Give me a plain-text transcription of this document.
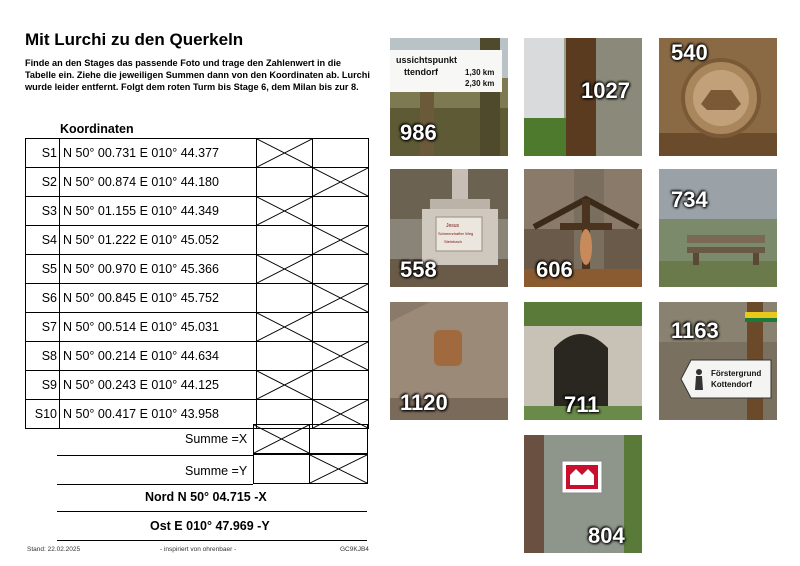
Mit Lurchi zu den Querkeln
Finde an den Stages das passende Foto und trage den Zahlenwert in die Tabelle ein. Ziehe die jeweiligen Summen dann von den Koordinaten ab. Lurchi wurde leider entfernt. Folgt dem roten Turm bis Stage 6, dem Milan bis zur 8.
Koordinaten
S1	N 50° 00.731 E 010° 44.377	

S2	N 50° 00.874 E 010° 44.180		

S3	N 50° 01.155 E 010° 44.349	

S4	N 50° 01.222 E 010° 45.052		

S5	N 50° 00.970 E 010° 45.366	

S6	N 50° 00.845 E 010° 45.752		

S7	N 50° 00.514 E 010° 45.031	

S8	N 50° 00.214 E 010° 44.634		

S9	N 50° 00.243 E 010° 44.125	

S10	N 50° 00.417 E 010° 43.958		
Summe =X
Summe =Y
Nord N 50° 04.715 -X
Ost E 010° 47.969 -Y
Stand: 22.02.2025	- inspiriert von ohrenbaer -	GC9KJB4
ussichtspunkt
ttendorf	1,30 km
2,30 km
986
1027
540
Jesus
Schmerzhafter Weg
Steinbach
558	606
734
1120	711
Förstergrund
Kottendorf
1163
804
